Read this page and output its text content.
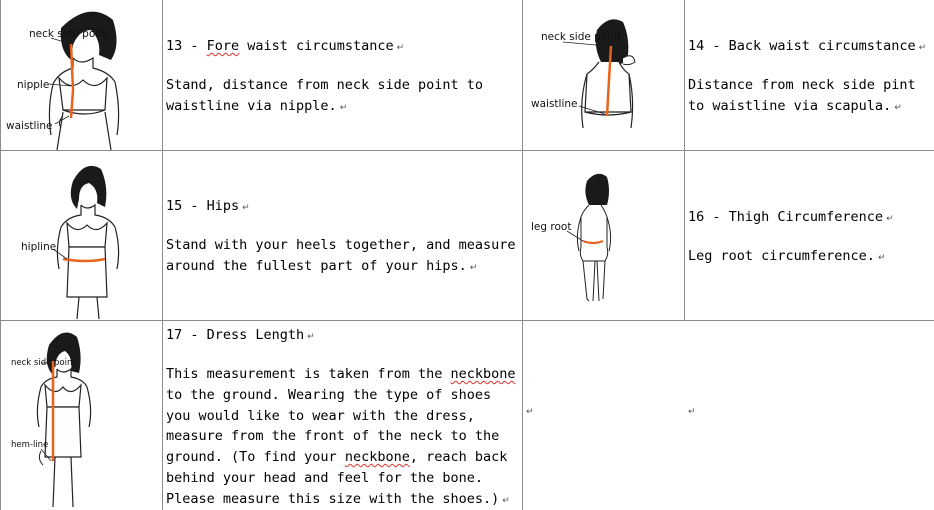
neck side point
nipple
waistline
13 - Fore waist circumstance ↵
Stand, distance from neck side point to waistline via nipple. ↵
neck side point
waistline
14 - Back waist circumstance ↵
Distance from neck side pint to waistline via scapula. ↵
hipline
15 - Hips ↵
Stand with your heels together, and measure around the fullest part of your hips. ↵
leg root
16 - Thigh Circumference ↵
Leg root circumference. ↵
neck side point
hem-line
17 - Dress Length ↵
This measurement is taken from the neckbone to the ground. Wearing the type of shoes you would like to wear with the dress, measure from the front of the neck to the ground. (To find your neckbone, reach back behind your head and feel for the bone. Please measure this size with the shoes.) ↵
↵	↵
